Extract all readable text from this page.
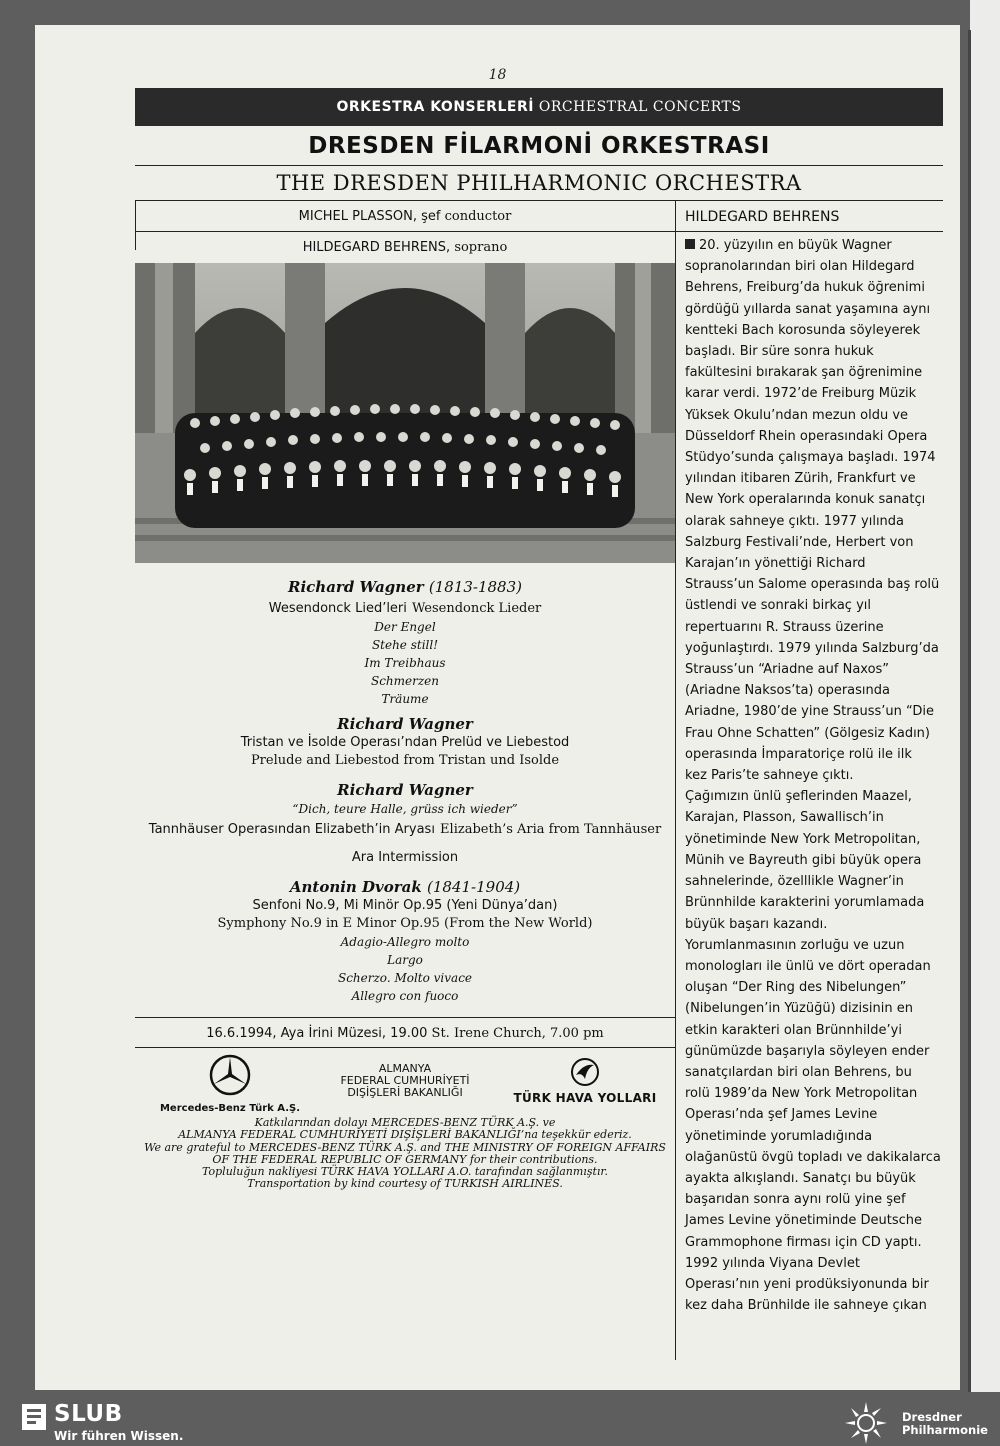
18
ORKESTRA KONSERLERİ ORCHESTRAL CONCERTS
DRESDEN FİLARMONİ ORKESTRASI
THE DRESDEN PHILHARMONIC ORCHESTRA
MICHEL PLASSON, şef conductor
HILDEGARD BEHRENS, soprano
Richard Wagner (1813-1883)
Wesendonck Lied’leri Wesendonck Lieder
Der Engel
Stehe still!
Im Treibhaus
Schmerzen
Träume
Richard Wagner
Tristan ve İsolde Operası’ndan Prelüd ve Liebestod
Prelude and Liebestod from Tristan und Isolde
Richard Wagner
“Dich, teure Halle, grüss ich wieder”
Tannhäuser Operasından Elizabeth’in Aryası Elizabeth’s Aria from Tannhäuser
Ara Intermission
Antonin Dvorak (1841-1904)
Senfoni No.9, Mi Minör Op.95 (Yeni Dünya’dan)
Symphony No.9 in E Minor Op.95 (From the New World)
Adagio-Allegro molto
Largo
Scherzo. Molto vivace
Allegro con fuoco
16.6.1994, Aya İrini Müzesi, 19.00 St. Irene Church, 7.00 pm
Mercedes-Benz Türk A.Ş.
ALMANYA
FEDERAL CUMHURİYETİ
DIŞİŞLERİ BAKANLIĞI	TÜRK HAVA YOLLARI
Katkılarından dolayı MERCEDES-BENZ TÜRK A.Ş. ve
ALMANYA FEDERAL CUMHURİYETİ DIŞİŞLERİ BAKANLIĞI’na teşekkür ederiz.
We are grateful to MERCEDES-BENZ TÜRK A.Ş. and THE MINISTRY OF FOREIGN AFFAIRS
OF THE FEDERAL REPUBLIC OF GERMANY for their contributions.
Topluluğun nakliyesi TÜRK HAVA YOLLARI A.O. tarafından sağlanmıştır.
Transportation by kind courtesy of TURKISH AIRLINES.
HILDEGARD BEHRENS
20. yüzyılın en büyük Wagner
sopranolarından biri olan Hildegard
Behrens, Freiburg’da hukuk öğrenimi
gördüğü yıllarda sanat yaşamına aynı
kentteki Bach korosunda söyleyerek
başladı. Bir süre sonra hukuk
fakültesini bırakarak şan öğrenimine
karar verdi. 1972’de Freiburg Müzik
Yüksek Okulu’ndan mezun oldu ve
Düsseldorf Rhein operasındaki Opera
Stüdyo’sunda çalışmaya başladı. 1974
yılından itibaren Zürih, Frankfurt ve
New York operalarında konuk sanatçı
olarak sahneye çıktı. 1977 yılında
Salzburg Festivali’nde, Herbert von
Karajan’ın yönettiği Richard
Strauss’un Salome operasında baş rolü
üstlendi ve sonraki birkaç yıl
repertuarını R. Strauss üzerine
yoğunlaştırdı. 1979 yılında Salzburg’da
Strauss’un “Ariadne auf Naxos”
(Ariadne Naksos’ta) operasında
Ariadne, 1980’de yine Strauss’un “Die
Frau Ohne Schatten” (Gölgesiz Kadın)
operasında İmparatoriçe rolü ile ilk
kez Paris’te sahneye çıktı.
Çağımızın ünlü şeflerinden Maazel,
Karajan, Plasson, Sawallisch’in
yönetiminde New York Metropolitan,
Münih ve Bayreuth gibi büyük opera
sahnelerinde, özelllikle Wagner’in
Brünnhilde karakterini yorumlamada
büyük başarı kazandı.
Yorumlanmasının zorluğu ve uzun
monologları ile ünlü ve dört operadan
oluşan “Der Ring des Nibelungen”
(Nibelungen’in Yüzüğü) dizisinin en
etkin karakteri olan Brünnhilde’yi
günümüzde başarıyla söyleyen ender
sanatçılardan biri olan Behrens, bu
rolü 1989’da New York Metropolitan
Operası’nda şef James Levine
yönetiminde yorumladığında
olağanüstü övgü topladı ve dakikalarca
ayakta alkışlandı. Sanatçı bu büyük
başarıdan sonra aynı rolü yine şef
James Levine yönetiminde Deutsche
Grammophone firması için CD yaptı.
1992 yılında Viyana Devlet
Operası’nın yeni prodüksiyonunda bir
kez daha Brünhilde ile sahneye çıkan
SLUB
Wir führen Wissen.
Dresdner
Philharmonie
